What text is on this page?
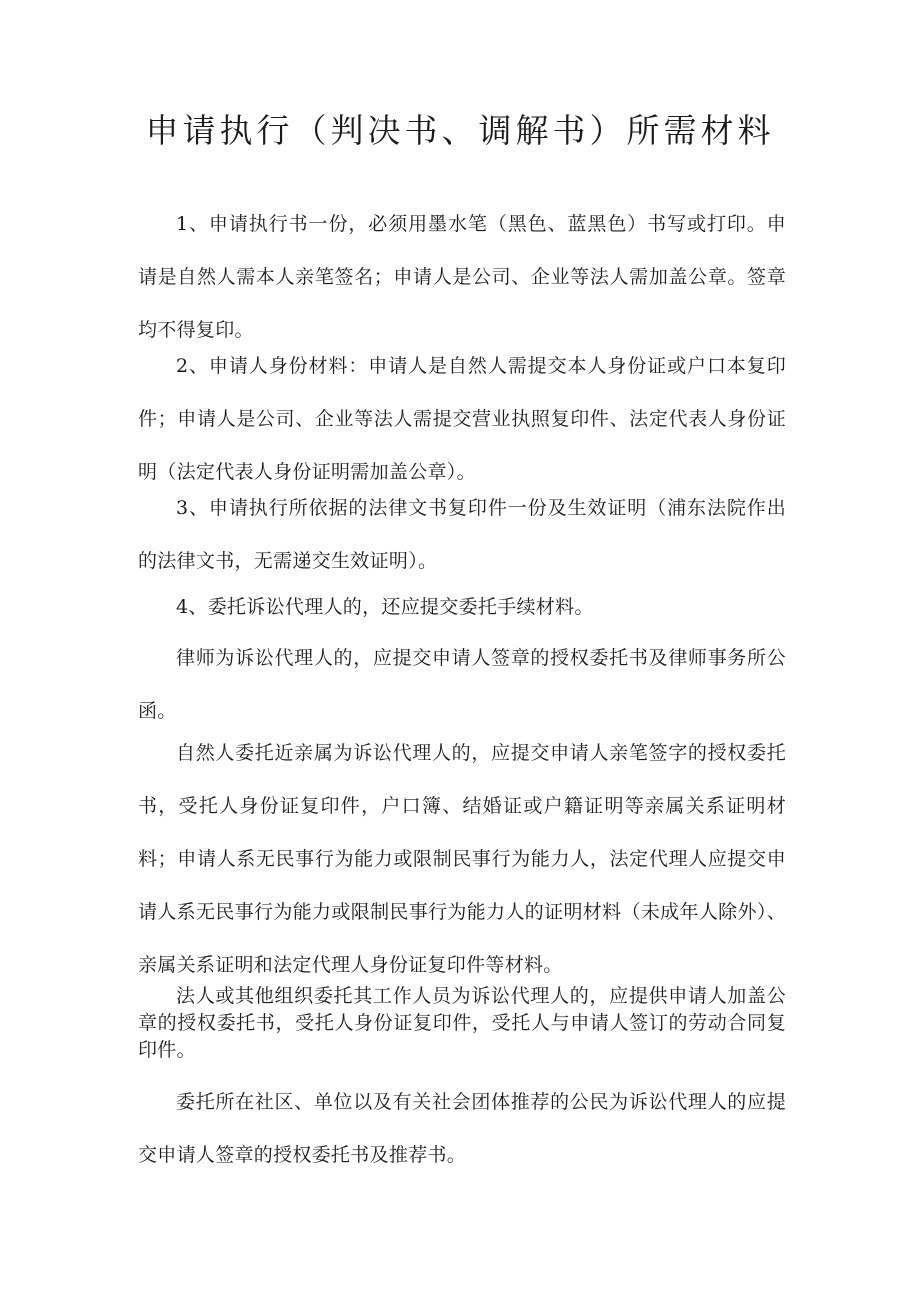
申请执行（判决书、调解书）所需材料

1、申请执行书一份，必须用墨水笔（黑色、蓝黑色）书写或打印。申请是自然人需本人亲笔签名；申请人是公司、企业等法人需加盖公章。签章均不得复印。

2、申请人身份材料：申请人是自然人需提交本人身份证或户口本复印件；申请人是公司、企业等法人需提交营业执照复印件、法定代表人身份证明（法定代表人身份证明需加盖公章）。

3、申请执行所依据的法律文书复印件一份及生效证明（浦东法院作出的法律文书，无需递交生效证明）。

4、委托诉讼代理人的，还应提交委托手续材料。

律师为诉讼代理人的，应提交申请人签章的授权委托书及律师事务所公函。

自然人委托近亲属为诉讼代理人的，应提交申请人亲笔签字的授权委托书，受托人身份证复印件，户口簿、结婚证或户籍证明等亲属关系证明材料；申请人系无民事行为能力或限制民事行为能力人，法定代理人应提交申请人系无民事行为能力或限制民事行为能力人的证明材料（未成年人除外）、亲属关系证明和法定代理人身份证复印件等材料。

法人或其他组织委托其工作人员为诉讼代理人的，应提供申请人加盖公章的授权委托书，受托人身份证复印件，受托人与申请人签订的劳动合同复印件。

委托所在社区、单位以及有关社会团体推荐的公民为诉讼代理人的应提交申请人签章的授权委托书及推荐书。
